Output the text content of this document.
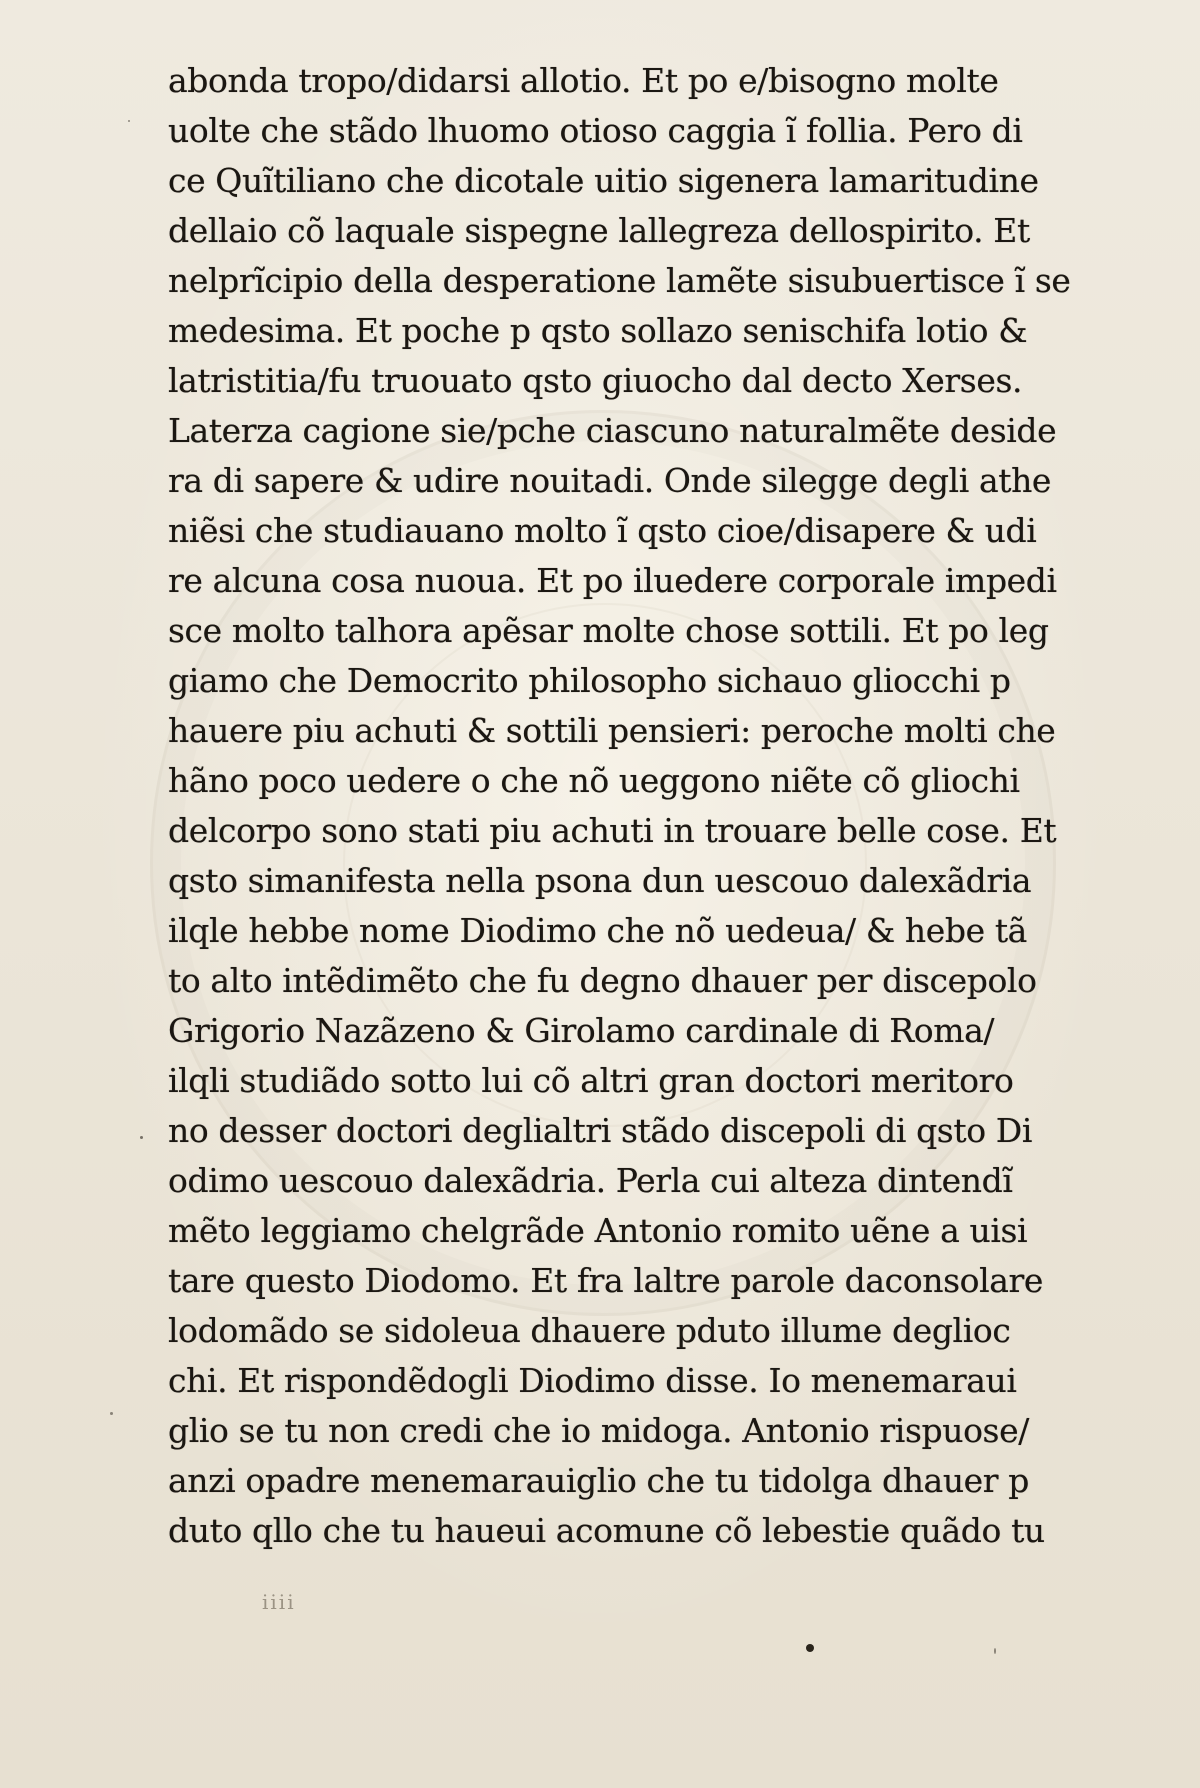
abonda tropo/didarsi allotio. Et po e/bisogno molte
uolte che stãdo lhuomo otioso caggia ĩ follia. Pero di
ce Quĩtiliano che dicotale uitio sigenera lamaritudine
dellaio cõ laquale sispegne lallegreza dellospirito. Et
nelprĩcipio della desperatione lamẽte sisubuertisce ĩ se
medesima. Et poche p qsto sollazo senischifa lotio &
latristitia/fu truouato qsto giuocho dal decto Xerses.
Laterza cagione sie/pche ciascuno naturalmẽte deside
ra di sapere & udire nouitadi. Onde silegge degli athe
niẽsi che studiauano molto ĩ qsto cioe/disapere & udi
re alcuna cosa nuoua. Et po iluedere corporale impedi
sce molto talhora apẽsar molte chose sottili. Et po leg
giamo che Democrito philosopho sichauo gliocchi p
hauere piu achuti & sottili pensieri: peroche molti che
hãno poco uedere o che nõ ueggono niẽte cõ gliochi
delcorpo sono stati piu achuti in trouare belle cose. Et
qsto simanifesta nella psona dun uescouo dalexãdria
ilqle hebbe nome Diodimo che nõ uedeua/ & hebe tã
to alto intẽdimẽto che fu degno dhauer per discepolo
Grigorio Nazãzeno & Girolamo cardinale di Roma/
ilqli studiãdo sotto lui cõ altri gran doctori meritoro
no desser doctori deglialtri stãdo discepoli di qsto Di
odimo uescouo dalexãdria. Perla cui alteza dintendĩ
mẽto leggiamo chelgrãde Antonio romito uẽne a uisi
tare questo Diodomo. Et fra laltre parole daconsolare
lodomãdo se sidoleua dhauere pduto illume deglioc
chi. Et rispondẽdogli Diodimo disse. Io menemaraui
glio se tu non credi che io midoga. Antonio rispuose/
anzi opadre menemarauiglio che tu tidolga dhauer p
duto qllo che tu haueui acomune cõ lebestie quãdo tu
iiii
